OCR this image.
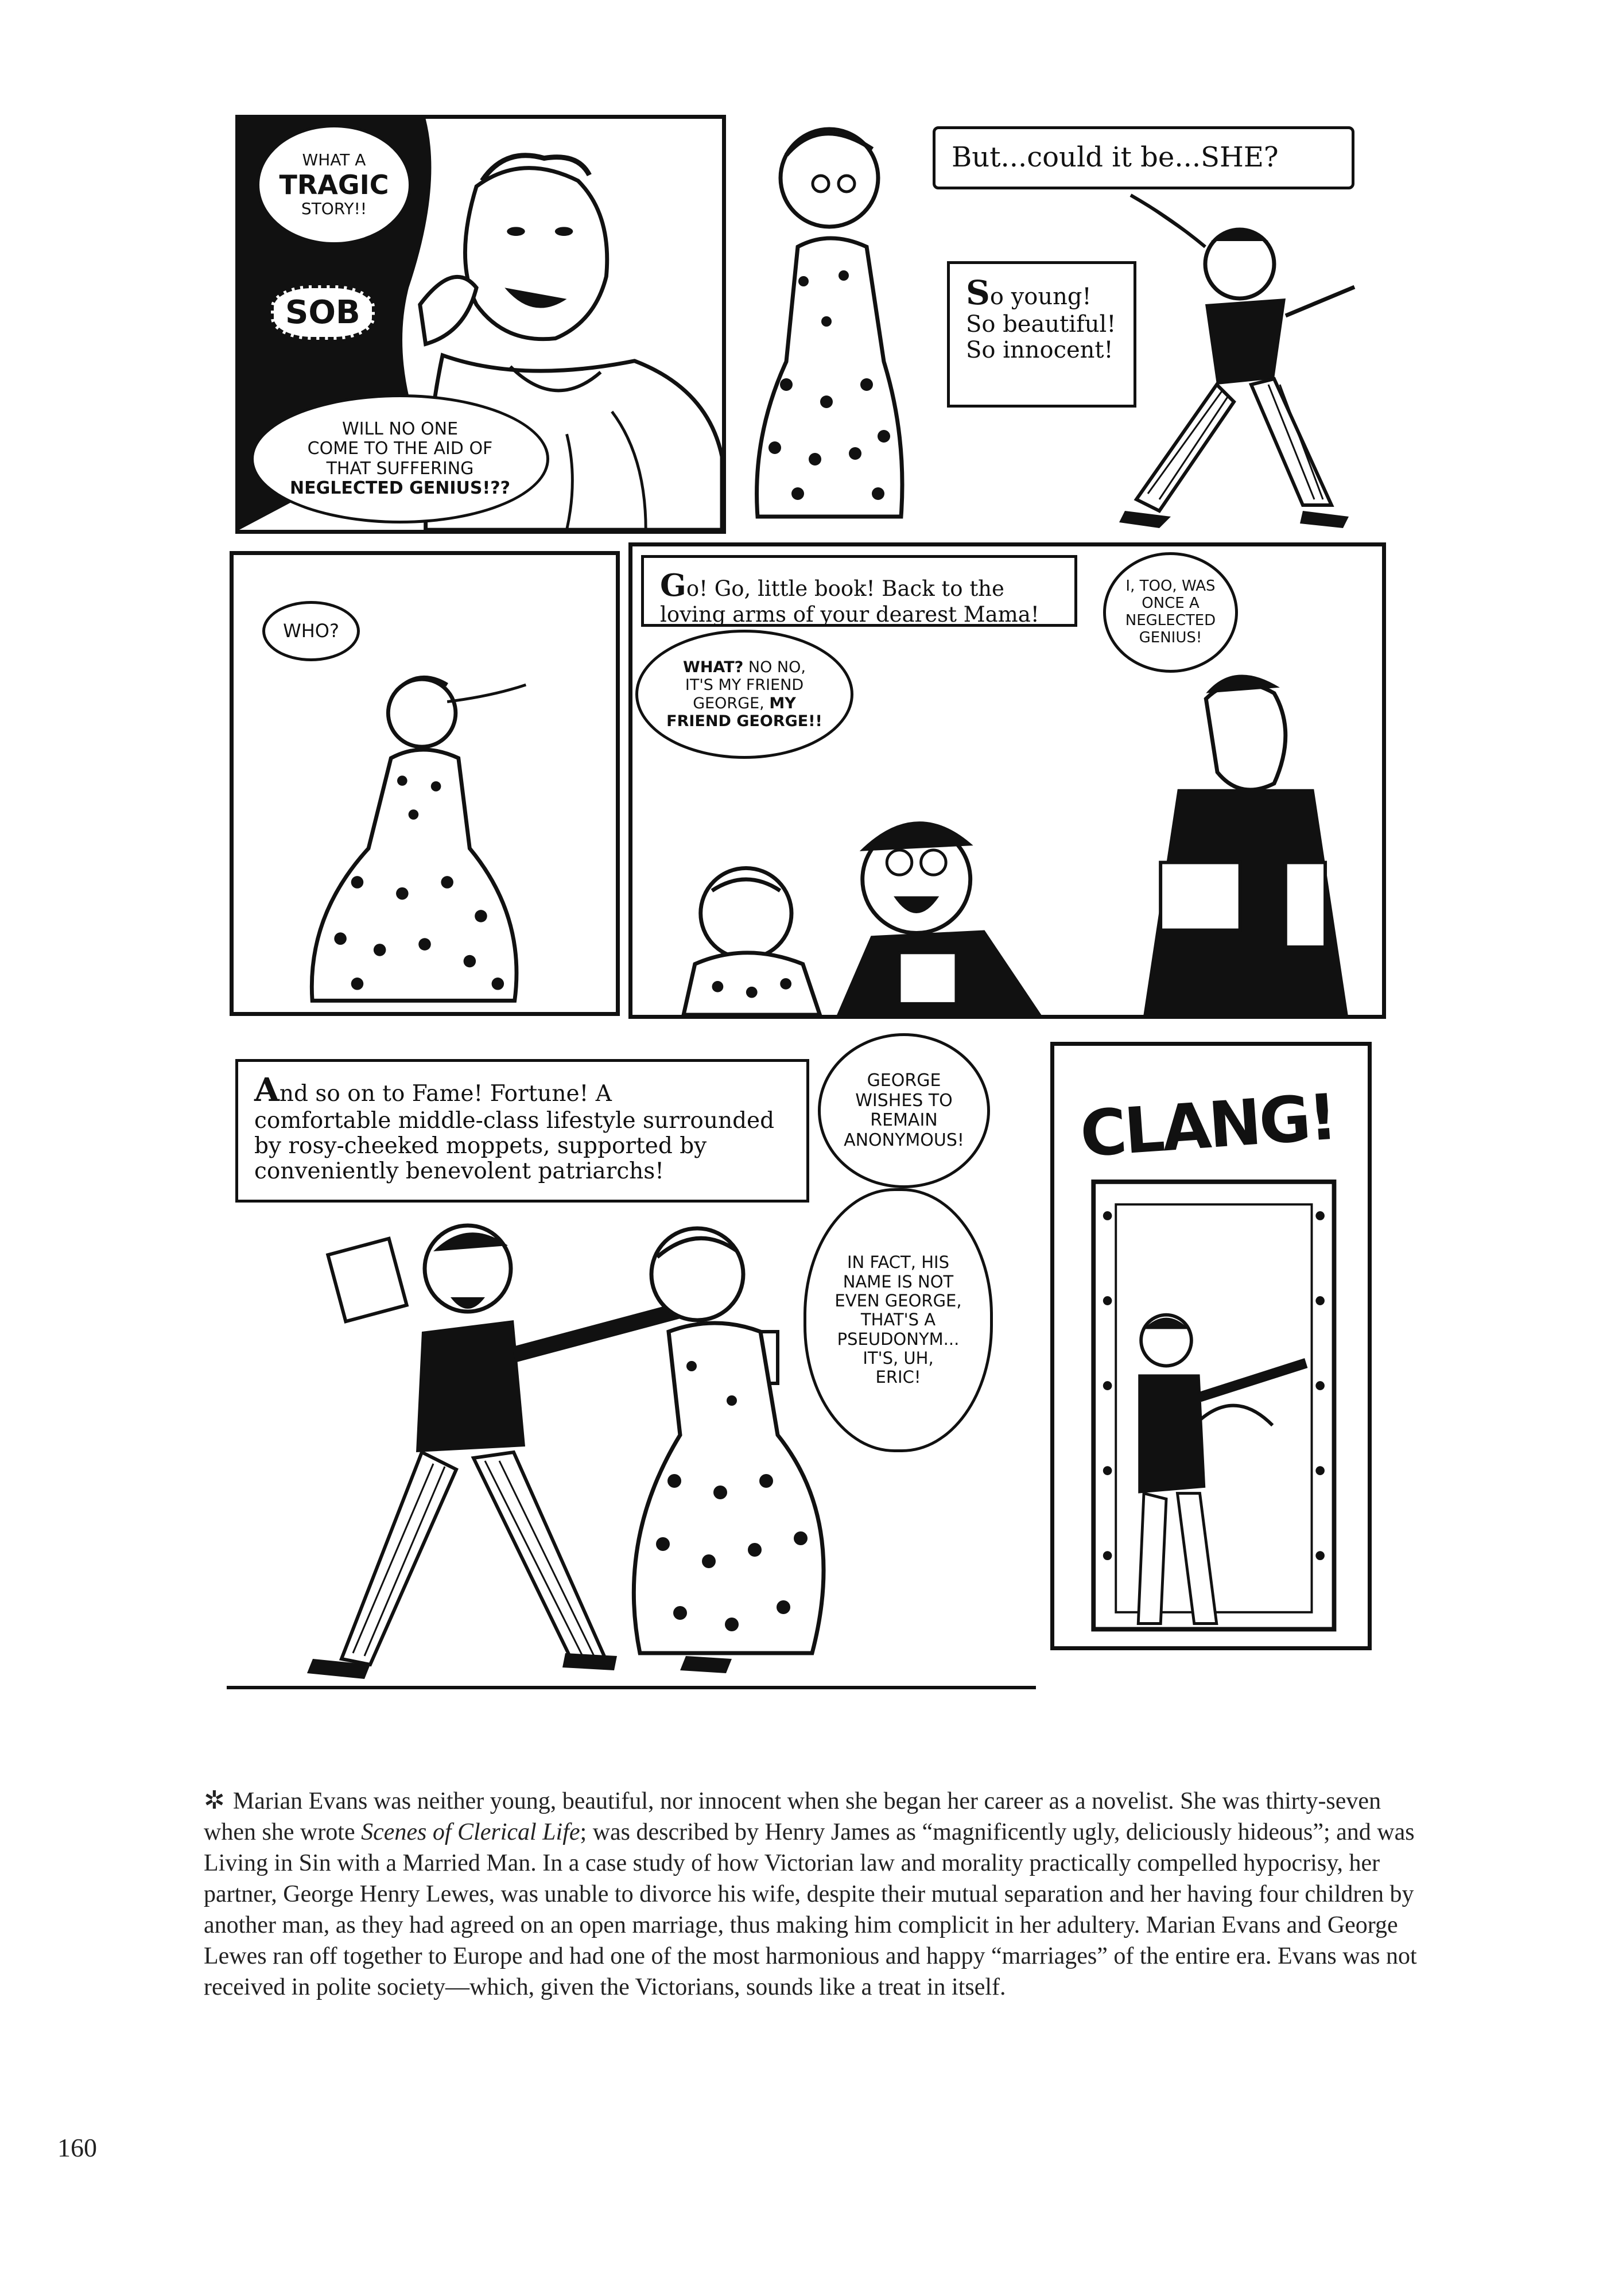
WHAT A
TRAGIC
STORY!!
SOB
WILL NO ONE
COME TO THE AID OF
THAT SUFFERING
NEGLECTED GENIUS!??
But...could it be...SHE?
So young!
So beautiful!
So innocent!
WHO?
Go! Go, little book! Back to the
loving arms of your dearest Mama!
I, TOO, WAS
ONCE A
NEGLECTED
GENIUS!
WHAT? NO NO,
IT'S MY FRIEND
GEORGE, MY
FRIEND GEORGE!!
And so on to Fame! Fortune! A
comfortable middle-class lifestyle surrounded
by rosy-cheeked moppets, supported by
conveniently benevolent patriarchs!
GEORGE
WISHES TO
REMAIN
ANONYMOUS!
IN FACT, HIS
NAME IS NOT
EVEN GEORGE,
THAT'S A
PSEUDONYM...
IT'S, UH,
ERIC!
CLANG!
✲ Marian Evans was neither young, beautiful, nor innocent when she began her career as a novelist. She was thirty-seven when she wrote Scenes of Clerical Life; was described by Henry James as “magnificently ugly, deliciously hideous”; and was Living in Sin with a Married Man. In a case study of how Victorian law and morality practically compelled hypocrisy, her partner, George Henry Lewes, was unable to divorce his wife, despite their mutual separation and her having four children by another man, as they had agreed on an open marriage, thus making him complicit in her adultery. Marian Evans and George Lewes ran off together to Europe and had one of the most harmonious and happy “marriages” of the entire era. Evans was not received in polite society—which, given the Victorians, sounds like a treat in itself.
160
